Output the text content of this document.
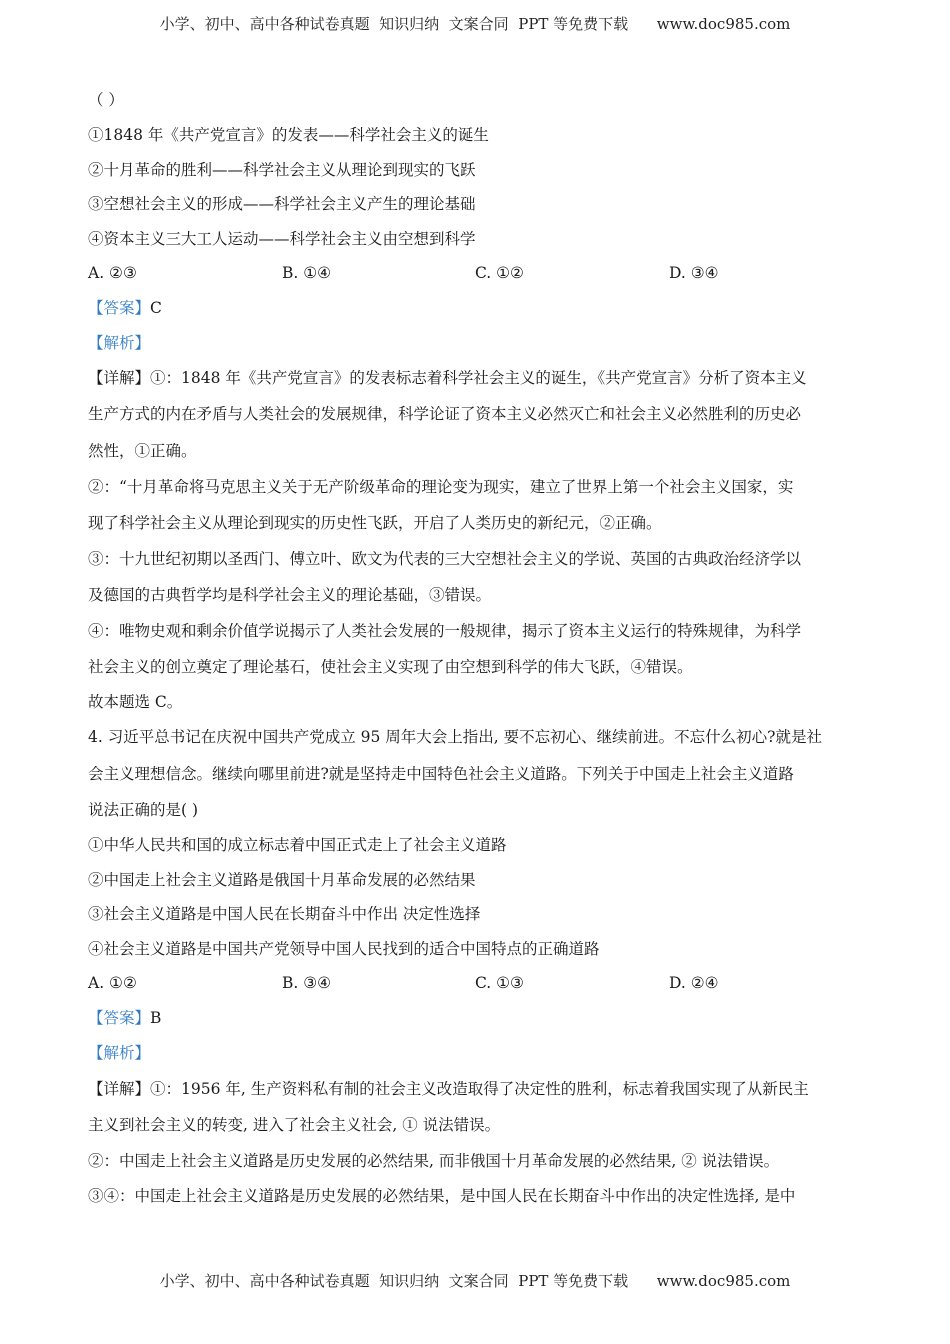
小学、初中、高中各种试卷真题  知识归纳  文案合同  PPT 等免费下载      www.doc985.com
（ ）
①1848 年《共产党宣言》的发表——科学社会主义的诞生
②十月革命的胜利——科学社会主义从理论到现实的飞跃
③空想社会主义的形成——科学社会主义产生的理论基础
④资本主义三大工人运动——科学社会主义由空想到科学
A. ②③	B. ①④	C. ①②	D. ③④
【答案】C
【解析】
【详解】①：1848 年《共产党宣言》的发表标志着科学社会主义的诞生，《共产党宣言》分析了资本主义
生产方式的内在矛盾与人类社会的发展规律，科学论证了资本主义必然灭亡和社会主义必然胜利的历史必
然性，①正确。
②：“十月革命将马克思主义关于无产阶级革命的理论变为现实，建立了世界上第一个社会主义国家，实
现了科学社会主义从理论到现实的历史性飞跃，开启了人类历史的新纪元，②正确。
③：十九世纪初期以圣西门、傅立叶、欧文为代表的三大空想社会主义的学说、英国的古典政治经济学以
及德国的古典哲学均是科学社会主义的理论基础，③错误。
④：唯物史观和剩余价值学说揭示了人类社会发展的一般规律，揭示了资本主义运行的特殊规律，为科学
社会主义的创立奠定了理论基石，使社会主义实现了由空想到科学的伟大飞跃，④错误。
故本题选 C。
4. 习近平总书记在庆祝中国共产党成立 95 周年大会上指出, 要不忘初心、继续前进。不忘什么初心?就是社
会主义理想信念。继续向哪里前进?就是坚持走中国特色社会主义道路。下列关于中国走上社会主义道路
说法正确的是( )
①中华人民共和国的成立标志着中国正式走上了社会主义道路
②中国走上社会主义道路是俄国十月革命发展的必然结果
③社会主义道路是中国人民在长期奋斗中作出 决定性选择
④社会主义道路是中国共产党领导中国人民找到的适合中国特点的正确道路
A. ①②	B. ③④	C. ①③	D. ②④
【答案】B
【解析】
【详解】①：1956 年, 生产资料私有制的社会主义改造取得了决定性的胜利，标志着我国实现了从新民主
主义到社会主义的转变, 进入了社会主义社会, ① 说法错误。
②：中国走上社会主义道路是历史发展的必然结果, 而非俄国十月革命发展的必然结果, ② 说法错误。
③④：中国走上社会主义道路是历史发展的必然结果，是中国人民在长期奋斗中作出的决定性选择, 是中
小学、初中、高中各种试卷真题  知识归纳  文案合同  PPT 等免费下载      www.doc985.com
